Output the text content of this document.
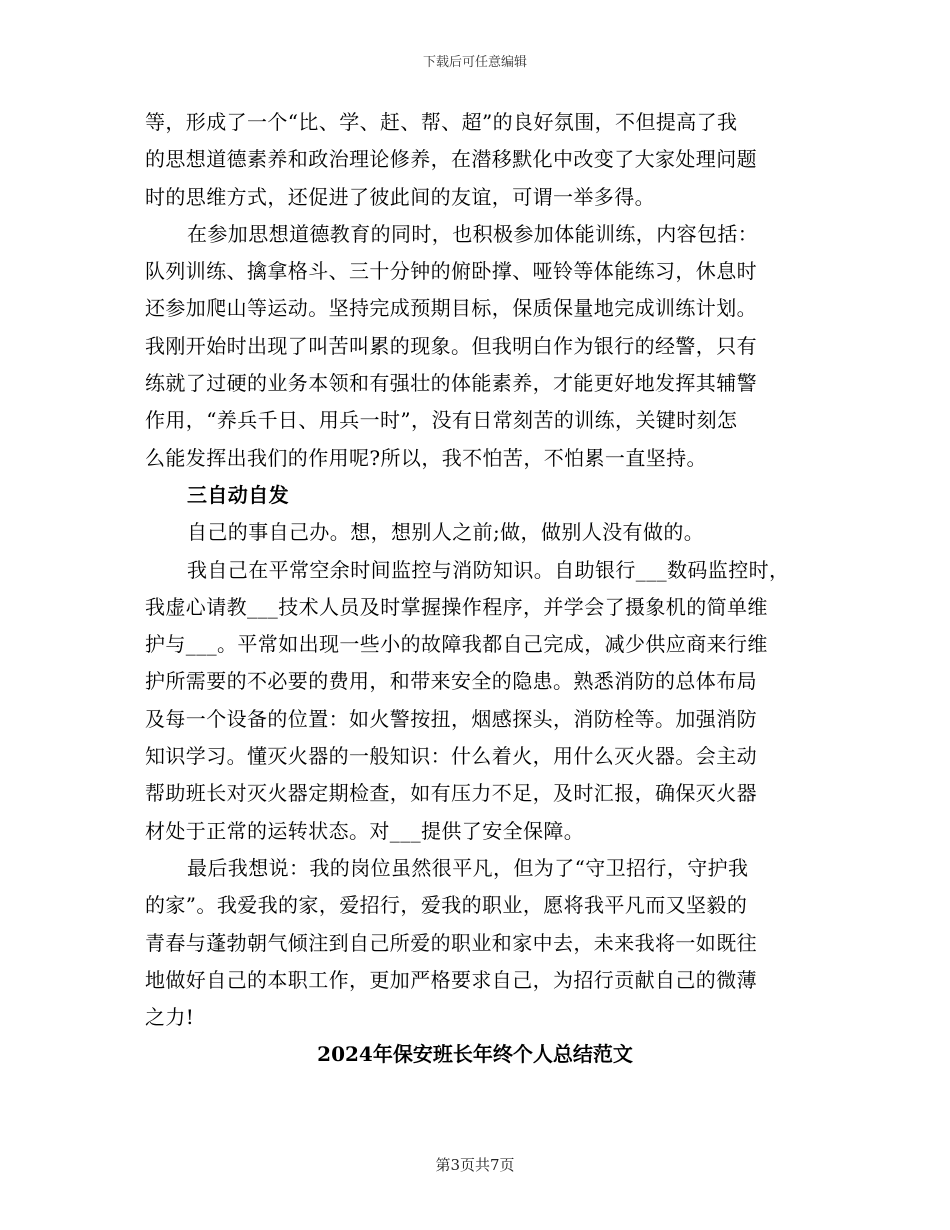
下载后可任意编辑
等，形成了一个“比、学、赶、帮、超”的良好氛围，不但提高了我
的思想道德素养和政治理论修养，在潜移默化中改变了大家处理问题
时的思维方式，还促进了彼此间的友谊，可谓一举多得。
在参加思想道德教育的同时，也积极参加体能训练，内容包括：
队列训练、擒拿格斗、三十分钟的俯卧撑、哑铃等体能练习，休息时
还参加爬山等运动。坚持完成预期目标，保质保量地完成训练计划。
我刚开始时出现了叫苦叫累的现象。但我明白作为银行的经警，只有
练就了过硬的业务本领和有强壮的体能素养，才能更好地发挥其辅警
作用，“养兵千日、用兵一时”，没有日常刻苦的训练，关键时刻怎
么能发挥出我们的作用呢?所以，我不怕苦，不怕累一直坚持。
三自动自发
自己的事自己办。想，想别人之前;做，做别人没有做的。
我自己在平常空余时间监控与消防知识。自助银行___数码监控时，
我虚心请教___技术人员及时掌握操作程序，并学会了摄象机的简单维
护与___。平常如出现一些小的故障我都自己完成，减少供应商来行维
护所需要的不必要的费用，和带来安全的隐患。熟悉消防的总体布局
及每一个设备的位置：如火警按扭，烟感探头，消防栓等。加强消防
知识学习。懂灭火器的一般知识：什么着火，用什么灭火器。会主动
帮助班长对灭火器定期检查，如有压力不足，及时汇报，确保灭火器
材处于正常的运转状态。对___提供了安全保障。
最后我想说：我的岗位虽然很平凡，但为了“守卫招行，守护我
的家”。我爱我的家，爱招行，爱我的职业，愿将我平凡而又坚毅的
青春与蓬勃朝气倾注到自己所爱的职业和家中去，未来我将一如既往
地做好自己的本职工作，更加严格要求自己，为招行贡献自己的微薄
之力!
2024年保安班长年终个人总结范文
第3页共7页
